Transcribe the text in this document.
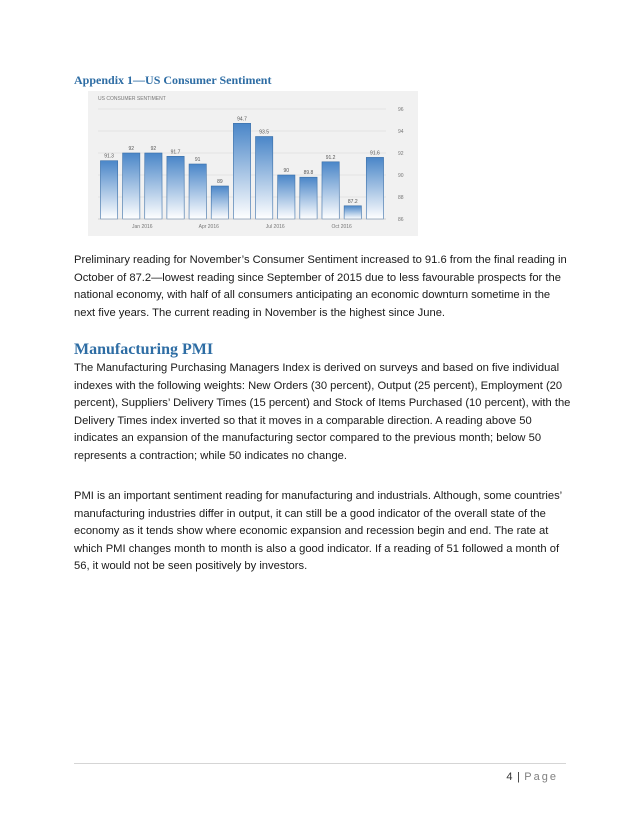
Appendix 1—US Consumer Sentiment

US CONSUMER SENTIMENT
86
88
90
92
94
96
91.3
92	92
91.7
91
89
94.7
93.5
90	89.8
91.2
87.2
91.6
Jan 2016	Apr 2016	Jul 2016	Oct 2016

Preliminary reading for November’s Consumer Sentiment increased to 91.6 from the final reading in October of 87.2—lowest reading since September of 2015 due to less favourable prospects for the national economy, with half of all consumers anticipating an economic downturn sometime in the next five years. The current reading in November is the highest since June.

Manufacturing PMI

The Manufacturing Purchasing Managers Index is derived on surveys and based on five individual indexes with the following weights: New Orders (30 percent), Output (25 percent), Employment (20 percent), Suppliers’ Delivery Times (15 percent) and Stock of Items Purchased (10 percent), with the Delivery Times index inverted so that it moves in a comparable direction. A reading above 50 indicates an expansion of the manufacturing sector compared to the previous month; below 50 represents a contraction; while 50 indicates no change.

PMI is an important sentiment reading for manufacturing and industrials. Although, some countries’ manufacturing industries differ in output, it can still be a good indicator of the overall state of the economy as it tends show where economic expansion and recession begin and end. The rate at which PMI changes month to month is also a good indicator. If a reading of 51 followed a month of 56, it would not be seen positively by investors.

4 | Page
